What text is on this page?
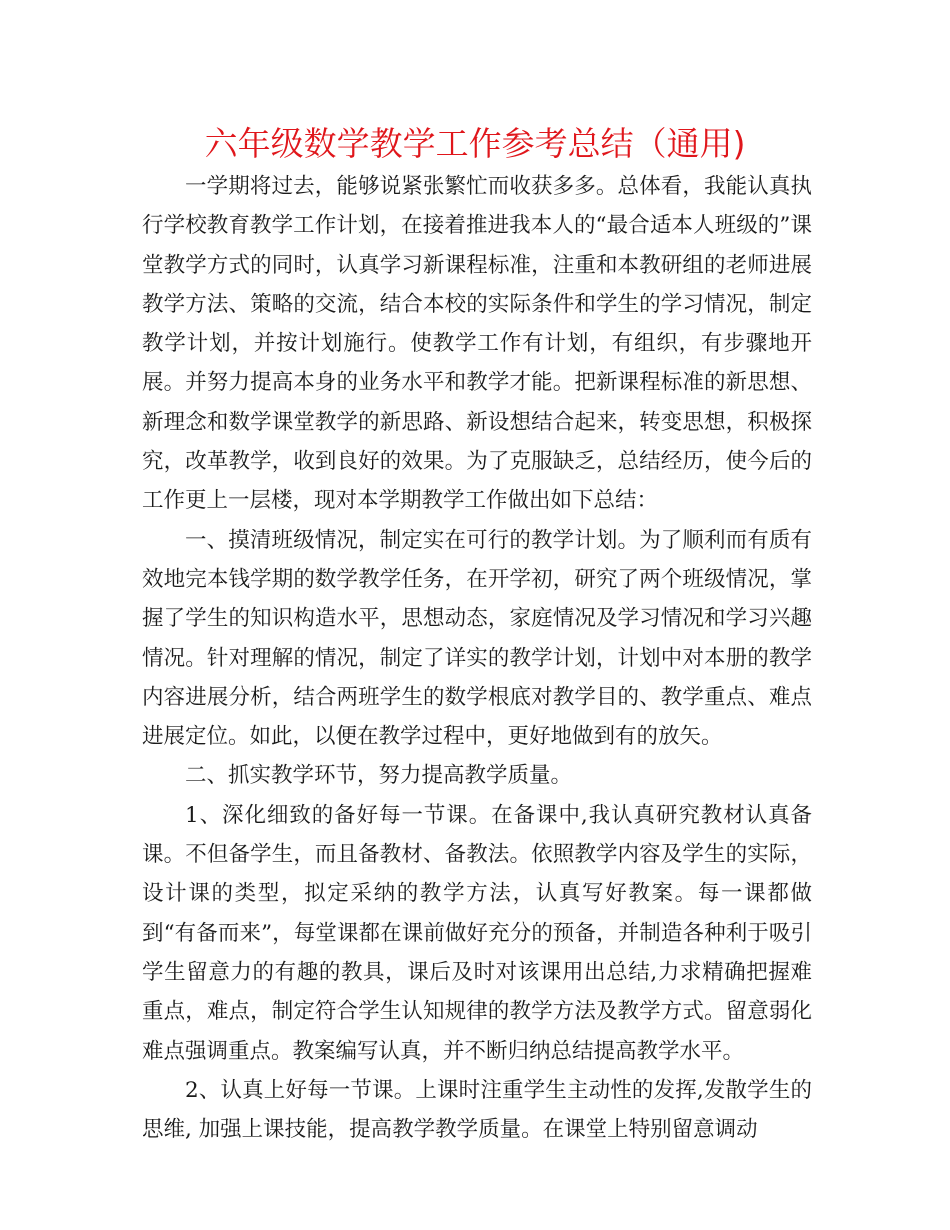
六年级数学教学工作参考总结（通用)

一学期将过去，能够说紧张繁忙而收获多多。总体看，我能认真执行学校教育教学工作计划，在接着推进我本人的“最合适本人班级的”课堂教学方式的同时，认真学习新课程标准，注重和本教研组的老师进展教学方法、策略的交流，结合本校的实际条件和学生的学习情况，制定教学计划，并按计划施行。使教学工作有计划，有组织，有步骤地开展。并努力提高本身的业务水平和教学才能。把新课程标准的新思想、新理念和数学课堂教学的新思路、新设想结合起来，转变思想，积极探究，改革教学，收到良好的效果。为了克服缺乏，总结经历，使今后的工作更上一层楼，现对本学期教学工作做出如下总结：

一、摸清班级情况，制定实在可行的教学计划。为了顺利而有质有效地完本钱学期的数学教学任务，在开学初，研究了两个班级情况，掌握了学生的知识构造水平，思想动态，家庭情况及学习情况和学习兴趣情况。针对理解的情况，制定了详实的教学计划，计划中对本册的教学内容进展分析，结合两班学生的数学根底对教学目的、教学重点、难点进展定位。如此，以便在教学过程中，更好地做到有的放矢。

二、抓实教学环节，努力提高教学质量。

1、深化细致的备好每一节课。在备课中,我认真研究教材认真备课。不但备学生，而且备教材、备教法。依照教学内容及学生的实际，设计课的类型，拟定采纳的教学方法，认真写好教案。每一课都做到“有备而来”，每堂课都在课前做好充分的预备，并制造各种利于吸引学生留意力的有趣的教具，课后及时对该课用出总结,力求精确把握难重点，难点，制定符合学生认知规律的教学方法及教学方式。留意弱化难点强调重点。教案编写认真，并不断归纳总结提高教学水平。

2、认真上好每一节课。上课时注重学生主动性的发挥,发散学生的思维, 加强上课技能，提高教学教学质量。在课堂上特别留意调动
